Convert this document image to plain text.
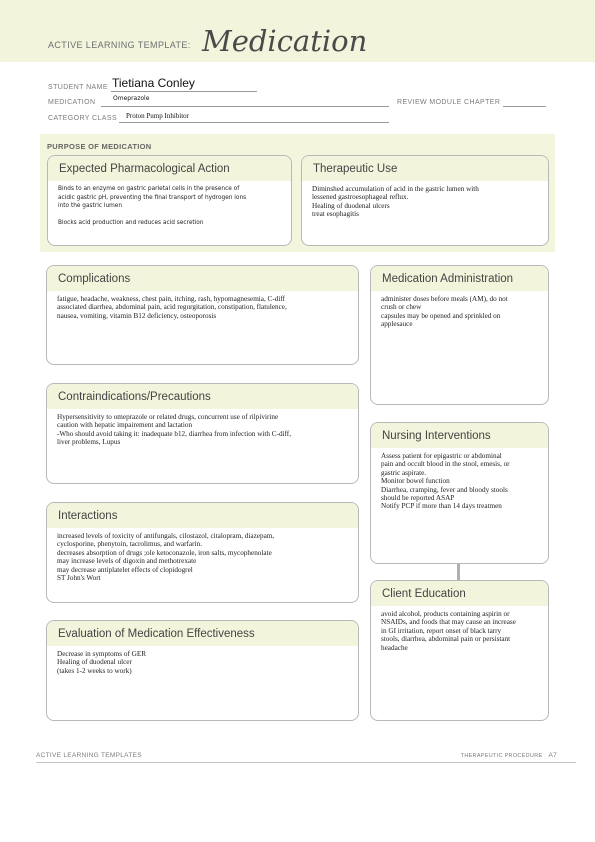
ACTIVE LEARNING TEMPLATE: Medication
STUDENT NAME Tietiana Conley
MEDICATION
Omeprazole
REVIEW MODULE CHAPTER
CATEGORY CLASS Proton Pump Inhibitor
PURPOSE OF MEDICATION
Expected Pharmacological Action
Binds to an enzyme on gastric parietal cells in the presence of
acidic gastric pH, preventing the final transport of hydrogen ions
into the gastric lumen

Blocks acid production and reduces acid secretion
Therapeutic Use
Diminshed accumulation of acid in the gastric lumen with
lessened gastroesophageal reflux.
Healing of duodenal ulcers
treat esophagitis
Complications
fatigue, headache, weakness, chest pain, itching, rash, hypomagnesemia, C-diff
associated diarrhea, abdominal pain, acid regurgitation, constipation, flatulence,
nausea, vomiting, vitamin B12 deficiency, osteoporosis
Medication Administration
administer doses before meals (AM), do not
crush or chew
capsules may be opened and sprinkled on
applesauce
Contraindications/Precautions
Hypersensitivity to omeprazole or related drugs, concurrent use of rilpivirine
caution with hepatic impairement and lactation
-Who should avoid taking it: inadequate b12, diarrhea from infection with C-diff,
liver problems, Lupus
Nursing Interventions
Assess patient for epigastric or abdominal
pain and occult blood in the stool, emesis, or
gastric aspirate.
Monitor bowel function
Diarrhea, cramping, fever and bloody stools
should be reported ASAP
Notify PCP if more than 14 days treatmen
Interactions
increased levels of toxicity of antifungals, cilostazol, citalopram, diazepam,
cyclosporine, phenytoin, tacrolimus, and warfarin.
decreases absorption of drugs ;ole ketoconazole, iron salts, mycophenolate
may increase levels of digoxin and methotrexate
may decrease antiplatelet effects of clopidogrel
ST John's Wort
Client Education
avoid alcohol, products containing aspirin or
NSAIDs, and foods that may cause an increase
in GI irritation, report onset of black tarry
stools, diarrhea, abdominal pain or persistant
headache
Evaluation of Medication Effectiveness
Decrease in symptoms of GER
Healing of duodenal ulcer
(takes 1-2 weeks to work)
ACTIVE LEARNING TEMPLATES	THERAPEUTIC PROCEDURE A7
